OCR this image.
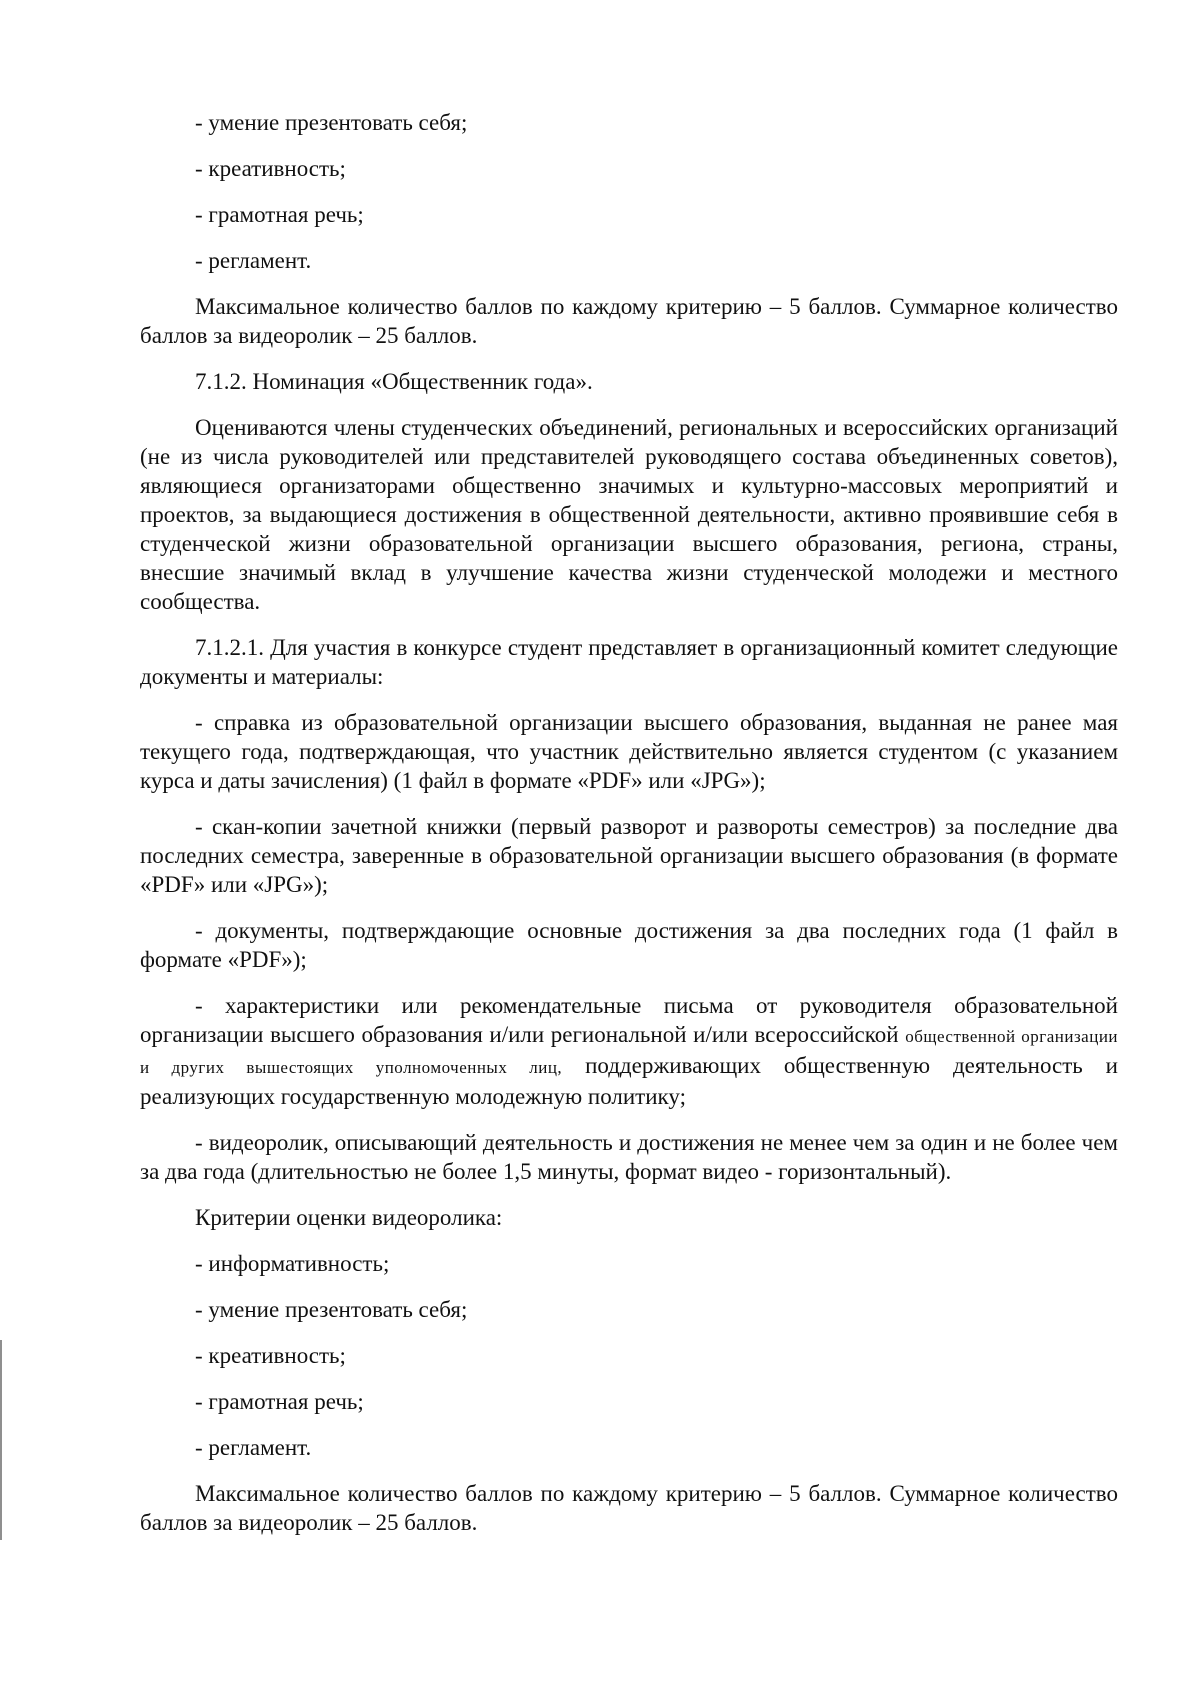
- умение презентовать себя;
- креативность;
- грамотная речь;
- регламент.

Максимальное количество баллов по каждому критерию – 5 баллов. Суммарное количество баллов за видеоролик – 25 баллов.

7.1.2. Номинация «Общественник года».

Оцениваются члены студенческих объединений, региональных и всероссийских организаций (не из числа руководителей или представителей руководящего состава объединенных советов), являющиеся организаторами общественно значимых и культурно-массовых мероприятий и проектов, за выдающиеся достижения в общественной деятельности, активно проявившие себя в студенческой жизни образовательной организации высшего образования, региона, страны, внесшие значимый вклад в улучшение качества жизни студенческой молодежи и местного сообщества.

7.1.2.1. Для участия в конкурсе студент представляет в организационный комитет следующие документы и материалы:

- справка из образовательной организации высшего образования, выданная не ранее мая текущего года, подтверждающая, что участник действительно является студентом (с указанием курса и даты зачисления) (1 файл в формате «PDF» или «JPG»);

- скан-копии зачетной книжки (первый разворот и развороты семестров) за последние два последних семестра, заверенные в образовательной организации высшего образования (в формате «PDF» или «JPG»);

- документы, подтверждающие основные достижения за два последних года (1 файл в формате «PDF»);

- характеристики или рекомендательные письма от руководителя образовательной организации высшего образования и/или региональной и/или всероссийской общественной организации и других вышестоящих уполномоченных лиц, поддерживающих общественную деятельность и реализующих государственную молодежную политику;

- видеоролик, описывающий деятельность и достижения не менее чем за один и не более чем за два года (длительностью не более 1,5 минуты, формат видео - горизонтальный).

Критерии оценки видеоролика:
- информативность;
- умение презентовать себя;
- креативность;
- грамотная речь;
- регламент.

Максимальное количество баллов по каждому критерию – 5 баллов. Суммарное количество баллов за видеоролик – 25 баллов.
